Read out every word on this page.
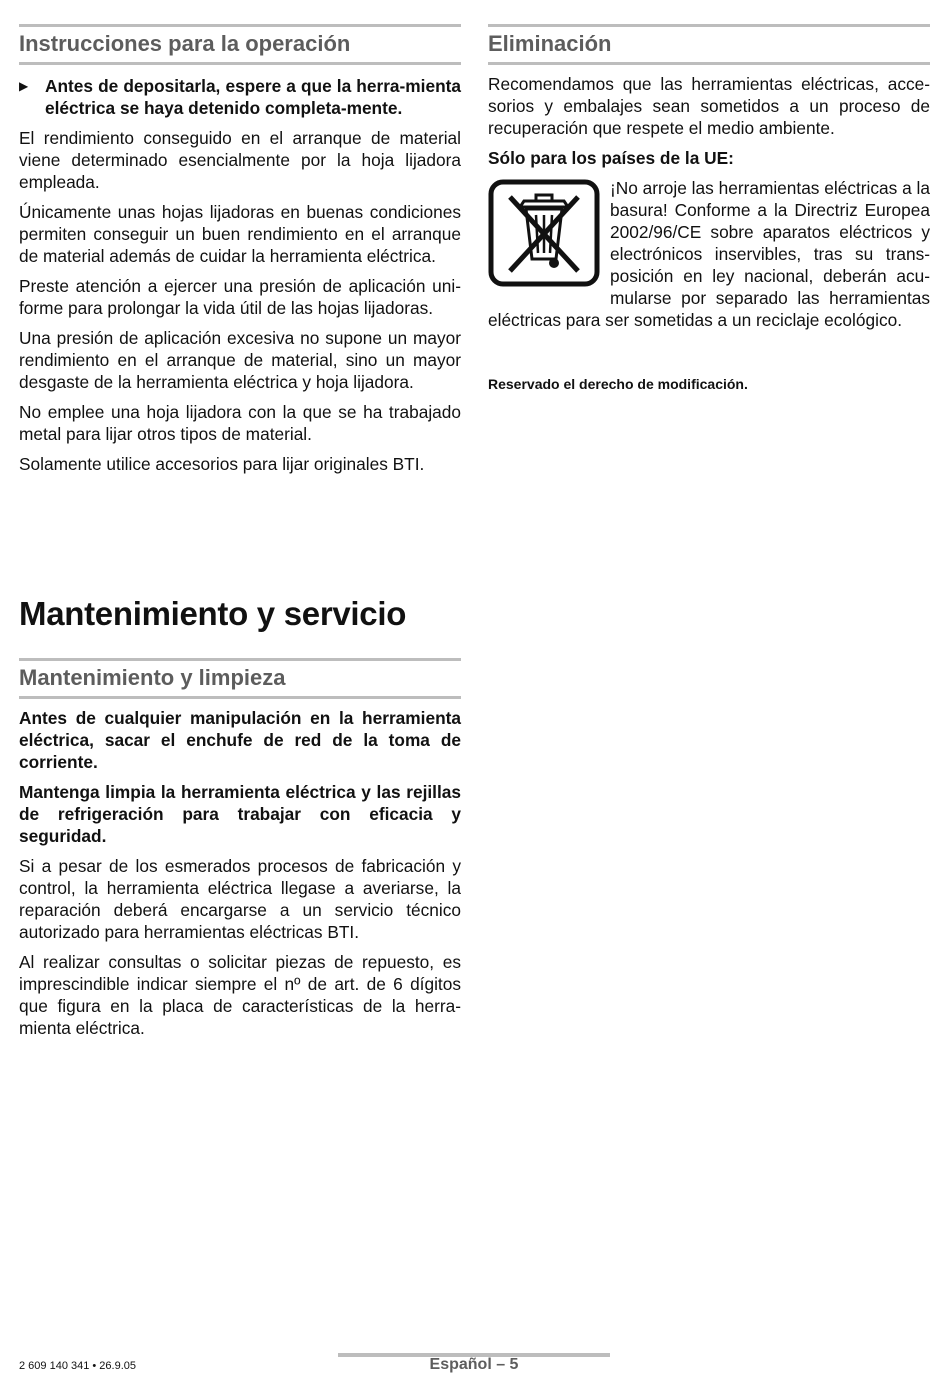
Instrucciones para la operación
▶ Antes de depositarla, espere a que la herra-mienta eléctrica se haya detenido completa-mente.

El rendimiento conseguido en el arranque de material viene determinado esencialmente por la hoja lijadora empleada.

Únicamente unas hojas lijadoras en buenas condiciones permiten conseguir un buen rendimiento en el arranque de material además de cuidar la herramienta eléctrica.

Preste atención a ejercer una presión de aplicación uniforme para prolongar la vida útil de las hojas lijadoras.

Una presión de aplicación excesiva no supone un mayor rendimiento en el arranque de material, sino un mayor desgaste de la herramienta eléctrica y hoja lijadora.

No emplee una hoja lijadora con la que se ha trabajado metal para lijar otros tipos de material.

Solamente utilice accesorios para lijar originales BTI.

Mantenimiento y servicio
Mantenimiento y limpieza

Antes de cualquier manipulación en la herramienta eléctrica, sacar el enchufe de red de la toma de corriente.

Mantenga limpia la herramienta eléctrica y las rejillas de refrigeración para trabajar con eficacia y seguridad.

Si a pesar de los esmerados procesos de fabricación y control, la herramienta eléctrica llegase a averiarse, la reparación deberá encargarse a un servicio técnico autorizado para herramientas eléctricas BTI.

Al realizar consultas o solicitar piezas de repuesto, es imprescindible indicar siempre el nº de art. de 6 dígitos que figura en la placa de características de la herramienta eléctrica.

Eliminación

Recomendamos que las herramientas eléctricas, accesorios y embalajes sean sometidos a un proceso de recuperación que respete el medio ambiente.

Sólo para los países de la UE:

¡No arroje las herramientas eléctricas a la basura! Conforme a la Directriz Europea 2002/96/CE sobre aparatos eléctricos y electrónicos inservibles, tras su transposición en ley nacional, deberán acumularse por separado las herramientas eléctricas para ser sometidas a un reciclaje ecológico.

Reservado el derecho de modificación.
2 609 140 341 • 26.9.05	Español – 5
